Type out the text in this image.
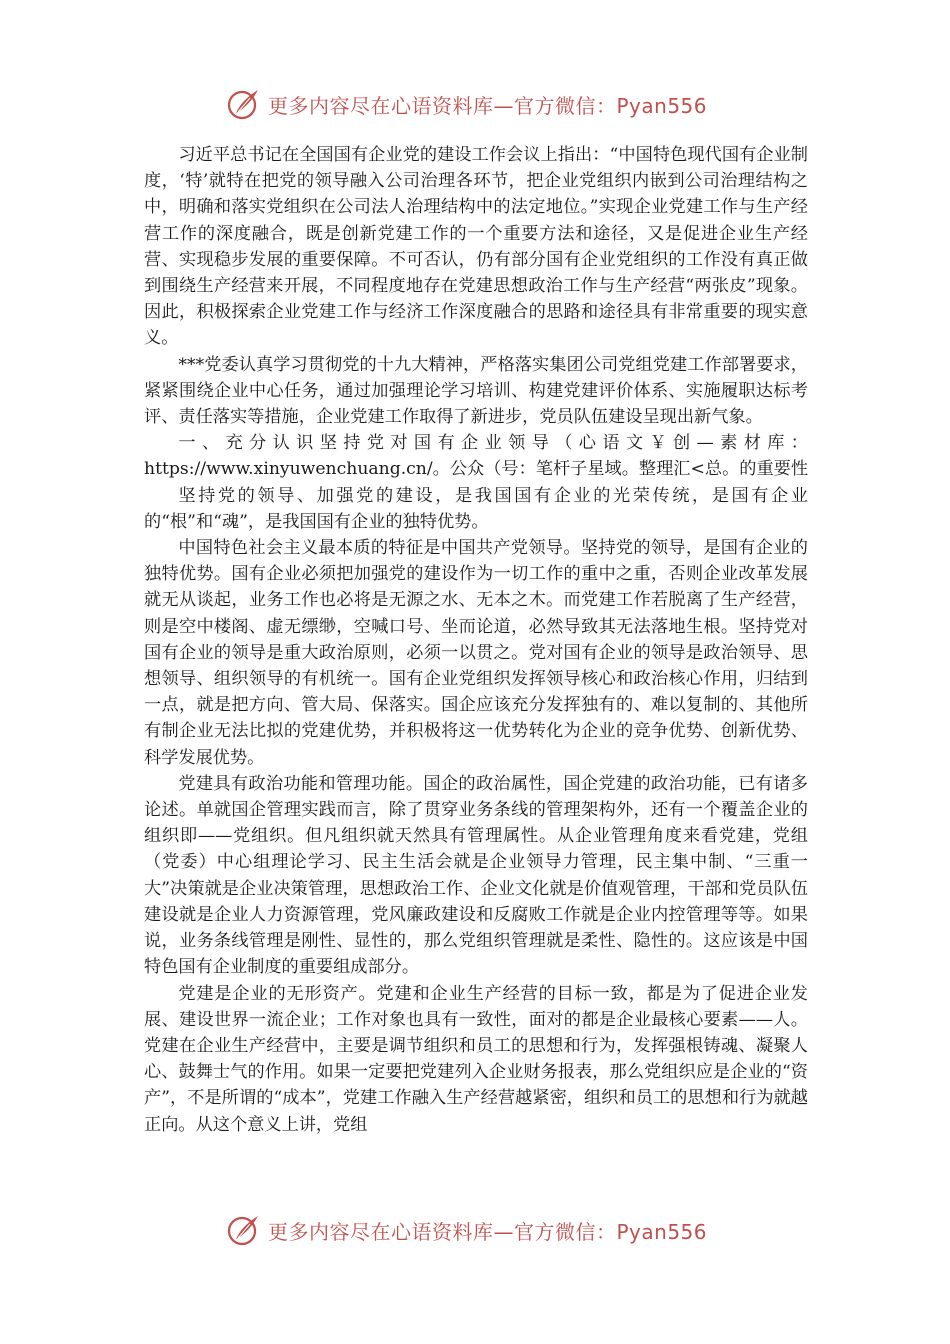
更多内容尽在心语资料库—官方微信：Pyan556

习近平总书记在全国国有企业党的建设工作会议上指出：“中国特色现代国有企业制度，‘特’就特在把党的领导融入公司治理各环节，把企业党组织内嵌到公司治理结构之中，明确和落实党组织在公司法人治理结构中的法定地位。”实现企业党建工作与生产经营工作的深度融合，既是创新党建工作的一个重要方法和途径，又是促进企业生产经营、实现稳步发展的重要保障。不可否认，仍有部分国有企业党组织的工作没有真正做到围绕生产经营来开展，不同程度地存在党建思想政治工作与生产经营“两张皮”现象。因此，积极探索企业党建工作与经济工作深度融合的思路和途径具有非常重要的现实意义。

***党委认真学习贯彻党的十九大精神，严格落实集团公司党组党建工作部署要求，紧紧围绕企业中心任务，通过加强理论学习培训、构建党建评价体系、实施履职达标考评、责任落实等措施，企业党建工作取得了新进步，党员队伍建设呈现出新气象。

一、充分认识坚持党对国有企业领导（心语文￥创—素材库：https://www.xinyuwenchuang.cn/。公众（号：笔杆子星域。整理汇<总。的重要性

坚持党的领导、加强党的建设，是我国国有企业的光荣传统，是国有企业的“根”和“魂”，是我国国有企业的独特优势。

中国特色社会主义最本质的特征是中国共产党领导。坚持党的领导，是国有企业的独特优势。国有企业必须把加强党的建设作为一切工作的重中之重，否则企业改革发展就无从谈起，业务工作也必将是无源之水、无本之木。而党建工作若脱离了生产经营，则是空中楼阁、虚无缥缈，空喊口号、坐而论道，必然导致其无法落地生根。坚持党对国有企业的领导是重大政治原则，必须一以贯之。党对国有企业的领导是政治领导、思想领导、组织领导的有机统一。国有企业党组织发挥领导核心和政治核心作用，归结到一点，就是把方向、管大局、保落实。国企应该充分发挥独有的、难以复制的、其他所有制企业无法比拟的党建优势，并积极将这一优势转化为企业的竞争优势、创新优势、科学发展优势。

党建具有政治功能和管理功能。国企的政治属性，国企党建的政治功能，已有诸多论述。单就国企管理实践而言，除了贯穿业务条线的管理架构外，还有一个覆盖企业的组织即——党组织。但凡组织就天然具有管理属性。从企业管理角度来看党建，党组（党委）中心组理论学习、民主生活会就是企业领导力管理，民主集中制、“三重一大”决策就是企业决策管理，思想政治工作、企业文化就是价值观管理，干部和党员队伍建设就是企业人力资源管理，党风廉政建设和反腐败工作就是企业内控管理等等。如果说，业务条线管理是刚性、显性的，那么党组织管理就是柔性、隐性的。这应该是中国特色国有企业制度的重要组成部分。

党建是企业的无形资产。党建和企业生产经营的目标一致，都是为了促进企业发展、建设世界一流企业；工作对象也具有一致性，面对的都是企业最核心要素——人。党建在企业生产经营中，主要是调节组织和员工的思想和行为，发挥强根铸魂、凝聚人心、鼓舞士气的作用。如果一定要把党建列入企业财务报表，那么党组织应是企业的“资产”，不是所谓的“成本”，党建工作融入生产经营越紧密，组织和员工的思想和行为就越正向。从这个意义上讲，党组

更多内容尽在心语资料库—官方微信：Pyan556
